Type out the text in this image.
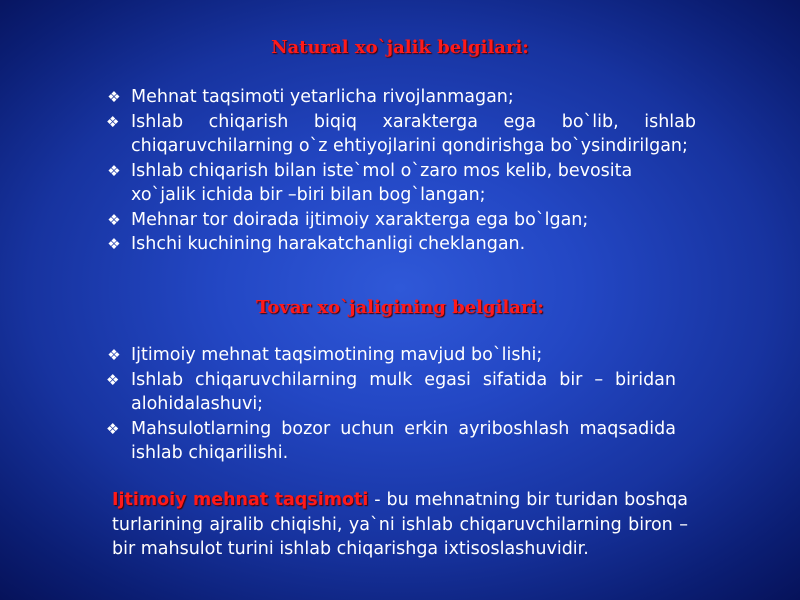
Natural xo`jalik belgilari:
❖ Mehnat taqsimoti yetarlicha rivojlanmagan;
❖ Ishlab chiqarish biqiq xarakterga ega bo`lib, ishlab chiqaruvchilarning o`z ehtiyojlarini qondirishga bo`ysindirilgan;
❖ Ishlab chiqarish bilan iste`mol o`zaro mos kelib, bevosita xo`jalik ichida bir –biri bilan bog`langan;
❖ Mehnar tor doirada ijtimoiy xarakterga ega bo`lgan;
❖ Ishchi kuchining harakatchanligi cheklangan.
Tovar xo`jaligining belgilari:
❖ Ijtimoiy mehnat taqsimotining mavjud bo`lishi;
❖ Ishlab chiqaruvchilarning mulk egasi sifatida bir – biridan alohidalashuvi;
❖ Mahsulotlarning bozor uchun erkin ayriboshlash maqsadida ishlab chiqarilishi.

Ijtimoiy mehnat taqsimoti - bu mehnatning bir turidan boshqa turlarining ajralib chiqishi, ya`ni ishlab chiqaruvchilarning biron – bir mahsulot turini ishlab chiqarishga ixtisoslashuvidir.
